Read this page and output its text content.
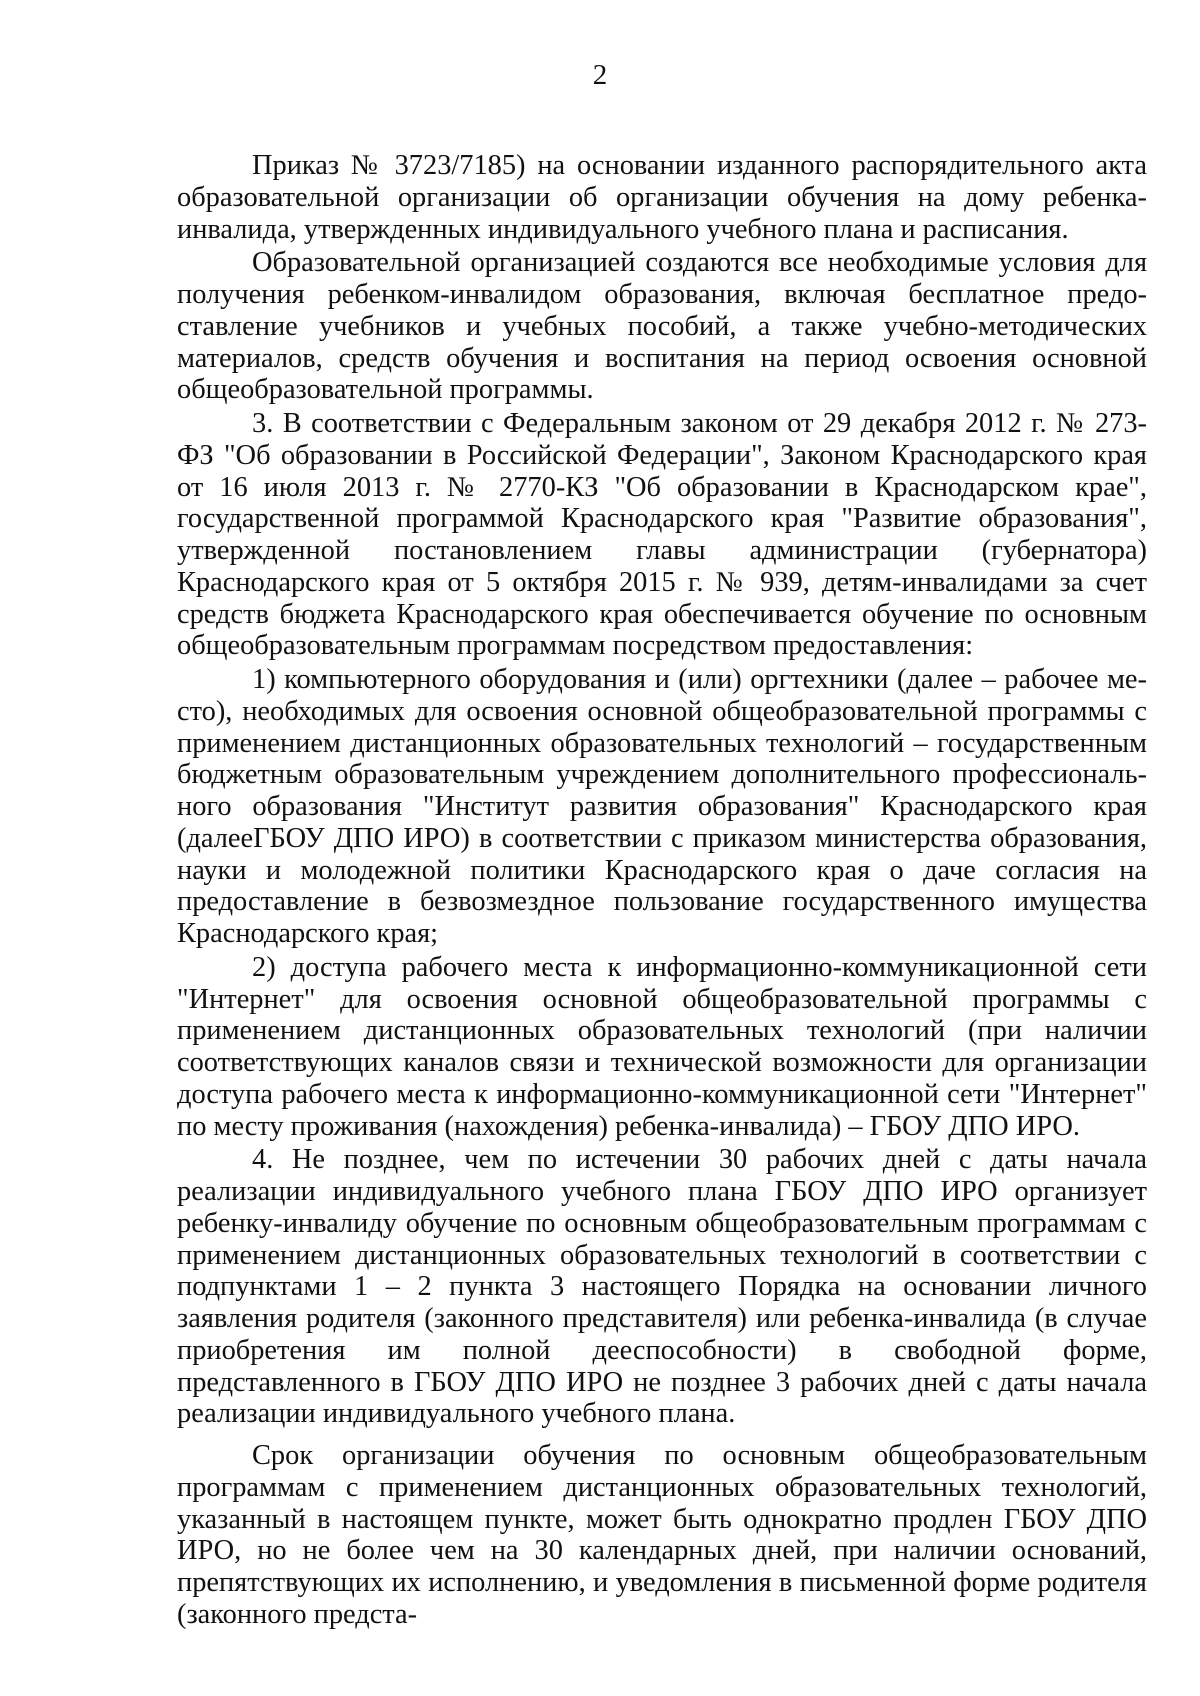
2

Приказ № 3723/7185) на основании изданного распорядительного акта образовательной организации об организации обучения на дому ребенка-инвалида, утвержденных индивидуального учебного плана и расписания.

Образовательной организацией создаются все необходимые условия для получения ребенком-инвалидом образования, включая бесплатное предоставление учебников и учебных пособий, а также учебно-методических материалов, средств обучения и воспитания на период освоения основной общеобразовательной программы.

3. В соответствии с Федеральным законом от 29 декабря 2012 г. № 273-ФЗ "Об образовании в Российской Федерации", Законом Краснодарского края от 16 июля 2013 г. № 2770-КЗ "Об образовании в Краснодарском крае", государственной программой Краснодарского края "Развитие образования", утвержденной постановлением главы администрации (губернатора) Краснодарского края от 5 октября 2015 г. № 939, детям-инвалидами за счет средств бюджета Краснодарского края обеспечивается обучение по основным общеобразовательным программам посредством предоставления:

1) компьютерного оборудования и (или) оргтехники (далее – рабочее место), необходимых для освоения основной общеобразовательной программы с применением дистанционных образовательных технологий – государственным бюджетным образовательным учреждением дополнительного профессионального образования "Институт развития образования" Краснодарского края (далееГБОУ ДПО ИРО) в соответствии с приказом министерства образования, науки и молодежной политики Краснодарского края о даче согласия на предоставление в безвозмездное пользование государственного имущества Краснодарского края;

2) доступа рабочего места к информационно-коммуникационной сети "Интернет" для освоения основной общеобразовательной программы с применением дистанционных образовательных технологий (при наличии соответствующих каналов связи и технической возможности для организации доступа рабочего места к информационно-коммуникационной сети "Интернет" по месту проживания (нахождения) ребенка-инвалида) – ГБОУ ДПО ИРО.

4. Не позднее, чем по истечении 30 рабочих дней с даты начала реализации индивидуального учебного плана ГБОУ ДПО ИРО организует ребенку-инвалиду обучение по основным общеобразовательным программам с применением дистанционных образовательных технологий в соответствии с подпунктами 1 – 2 пункта 3 настоящего Порядка на основании личного заявления родителя (законного представителя) или ребенка-инвалида (в случае приобретения им полной дееспособности) в свободной форме, представленного в ГБОУ ДПО ИРО не позднее 3 рабочих дней с даты начала реализации индивидуального учебного плана.

Срок организации обучения по основным общеобразовательным программам с применением дистанционных образовательных технологий, указанный в настоящем пункте, может быть однократно продлен ГБОУ ДПО ИРО, но не более чем на 30 календарных дней, при наличии оснований, препятствующих их исполнению, и уведомления в письменной форме родителя (законного предста-
